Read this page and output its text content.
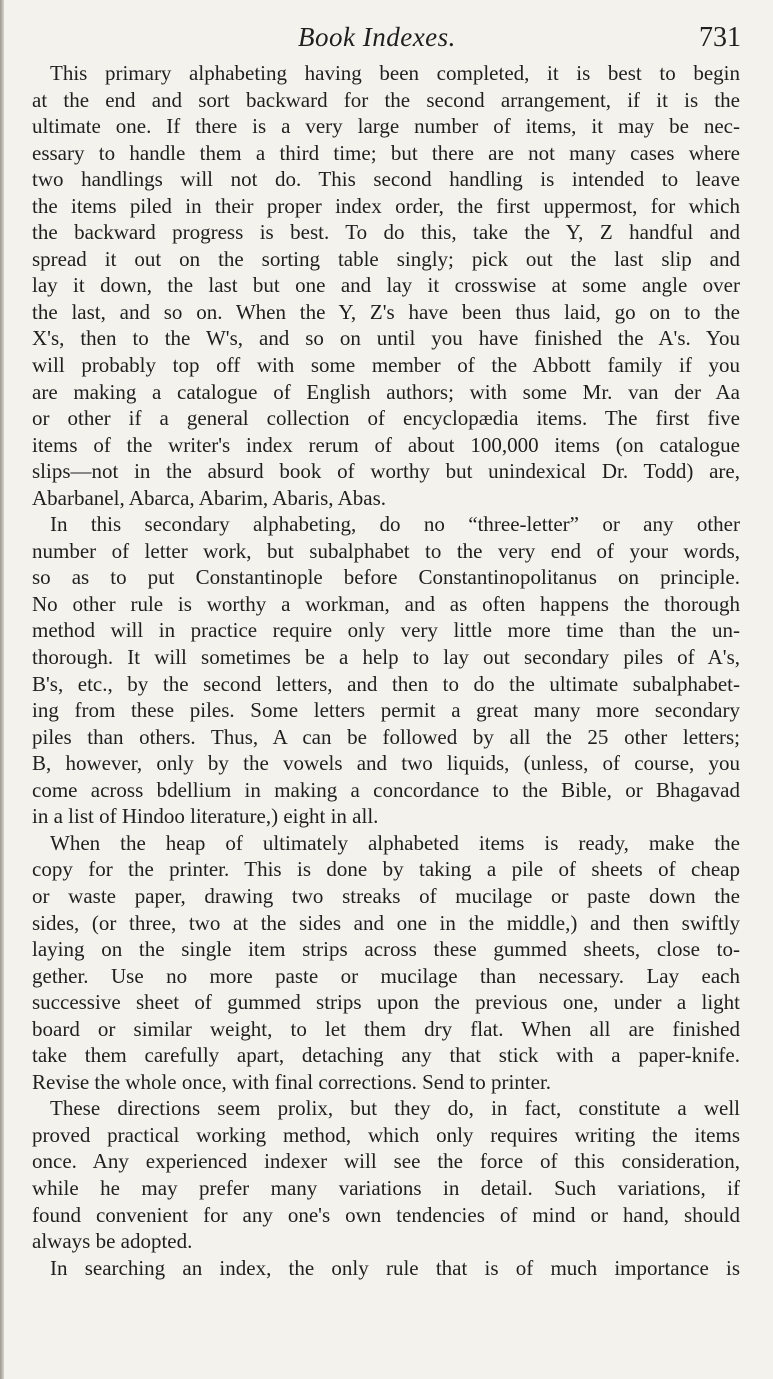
Book Indexes.	731
This primary alphabeting having been completed, it is best to begin
at the end and sort backward for the second arrangement, if it is the
ultimate one. If there is a very large number of items, it may be nec-
essary to handle them a third time; but there are not many cases where
two handlings will not do. This second handling is intended to leave
the items piled in their proper index order, the first uppermost, for which
the backward progress is best. To do this, take the Y, Z handful and
spread it out on the sorting table singly; pick out the last slip and
lay it down, the last but one and lay it crosswise at some angle over
the last, and so on. When the Y, Z's have been thus laid, go on to the
X's, then to the W's, and so on until you have finished the A's. You
will probably top off with some member of the Abbott family if you
are making a catalogue of English authors; with some Mr. van der Aa
or other if a general collection of encyclopædia items. The first five
items of the writer's index rerum of about 100,000 items (on catalogue
slips—not in the absurd book of worthy but unindexical Dr. Todd) are,
Abarbanel, Abarca, Abarim, Abaris, Abas.
In this secondary alphabeting, do no “three-letter” or any other
number of letter work, but subalphabet to the very end of your words,
so as to put Constantinople before Constantinopolitanus on principle.
No other rule is worthy a workman, and as often happens the thorough
method will in practice require only very little more time than the un-
thorough. It will sometimes be a help to lay out secondary piles of A's,
B's, etc., by the second letters, and then to do the ultimate subalphabet-
ing from these piles. Some letters permit a great many more secondary
piles than others. Thus, A can be followed by all the 25 other letters;
B, however, only by the vowels and two liquids, (unless, of course, you
come across bdellium in making a concordance to the Bible, or Bhagavad
in a list of Hindoo literature,) eight in all.
When the heap of ultimately alphabeted items is ready, make the
copy for the printer. This is done by taking a pile of sheets of cheap
or waste paper, drawing two streaks of mucilage or paste down the
sides, (or three, two at the sides and one in the middle,) and then swiftly
laying on the single item strips across these gummed sheets, close to-
gether. Use no more paste or mucilage than necessary. Lay each
successive sheet of gummed strips upon the previous one, under a light
board or similar weight, to let them dry flat. When all are finished
take them carefully apart, detaching any that stick with a paper-knife.
Revise the whole once, with final corrections. Send to printer.
These directions seem prolix, but they do, in fact, constitute a well
proved practical working method, which only requires writing the items
once. Any experienced indexer will see the force of this consideration,
while he may prefer many variations in detail. Such variations, if
found convenient for any one's own tendencies of mind or hand, should
always be adopted.
In searching an index, the only rule that is of much importance is
